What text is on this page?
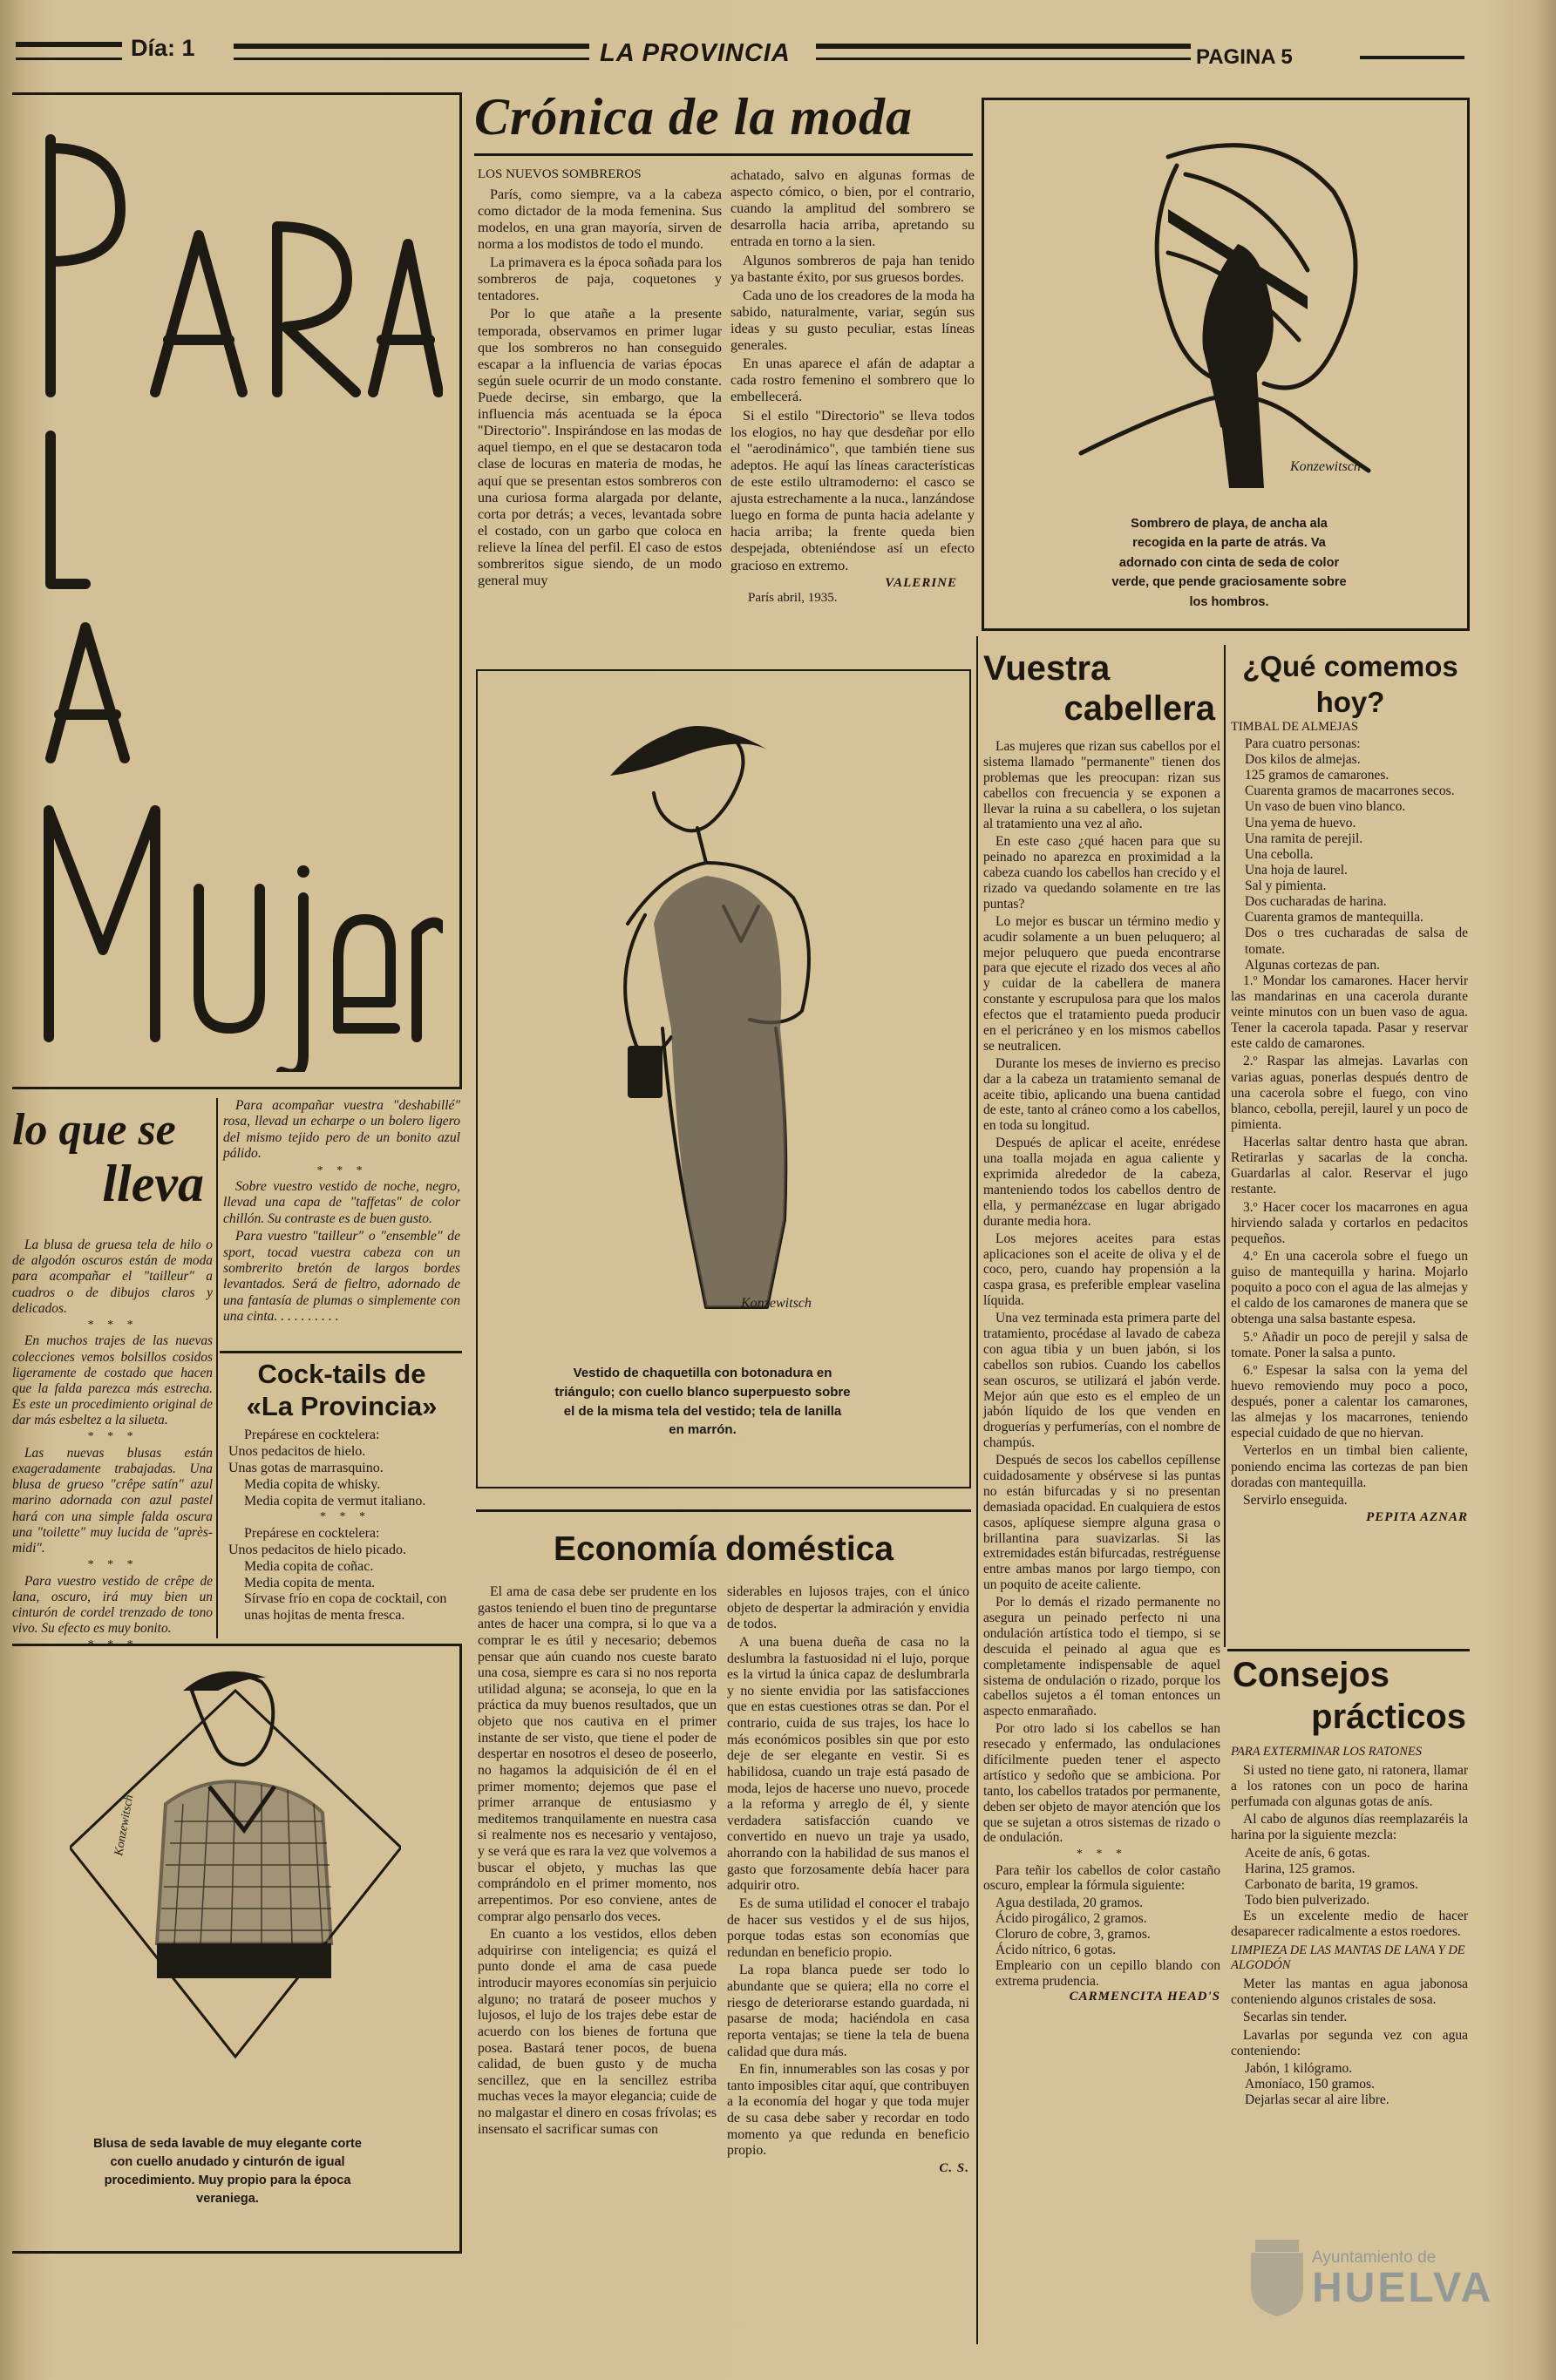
Día: 1	LA PROVINCIA	PAGINA 5
Crónica de la moda
LOS NUEVOS SOMBREROS

París, como siempre, va a la cabeza como dictador de la moda femenina. Sus modelos, en una gran mayoría, sirven de norma a los modistos de todo el mundo.

La primavera es la época soñada para los sombreros de paja, coquetones y tentadores.

Por lo que atañe a la presente temporada, observamos en primer lugar que los sombreros no han conseguido escapar a la influencia de varias épocas según suele ocurrir de un modo constante. Puede decirse, sin embargo, que la influencia más acentuada se la época "Directorio". Inspirándose en las modas de aquel tiempo, en el que se destacaron toda clase de locuras en materia de modas, he aquí que se presentan estos sombreros con una curiosa forma alargada por delante, corta por detrás; a veces, levantada sobre el costado, con un garbo que coloca en relieve la línea del perfil. El caso de estos sombreritos sigue siendo, de un modo general muy

achatado, salvo en algunas formas de aspecto cómico, o bien, por el contrario, cuando la amplitud del sombrero se desarrolla hacia arriba, apretando su entrada en torno a la sien.

Algunos sombreros de paja han tenido ya bastante éxito, por sus gruesos bordes.

Cada uno de los creadores de la moda ha sabido, naturalmente, variar, según sus ideas y su gusto peculiar, estas líneas generales.

En unas aparece el afán de adaptar a cada rostro femenino el sombrero que lo embellecerá.

Si el estilo "Directorio" se lleva todos los elogios, no hay que desdeñar por ello el "aerodinámico", que también tiene sus adeptos. He aquí las líneas características de este estilo ultramoderno: el casco se ajusta estrechamente a la nuca., lanzándose luego en forma de punta hacia adelante y hacia arriba; la frente queda bien despejada, obteniéndose así un efecto gracioso en extremo.

VALERINE
París abril, 1935.
Konzewitsch
Sombrero de playa, de ancha ala recogida en la parte de atrás. Va adornado con cinta de seda de color verde, que pende graciosamente sobre los hombros.
Konzewitsch
Vestido de chaquetilla con botonadura en triángulo; con cuello blanco superpuesto sobre el de la misma tela del vestido; tela de lanilla en marrón.
lo que se
lleva

La blusa de gruesa tela de hilo o de algodón oscuros están de moda para acompañar el "tailleur" a cuadros o de dibujos claros y delicados.

* * *

En muchos trajes de las nuevas colecciones vemos bolsillos cosidos ligeramente de costado que hacen que la falda parezca más estrecha. Es este un procedimiento original de dar más esbeltez a la silueta.

* * *

Las nuevas blusas están exageradamente trabajadas. Una blusa de grueso "crêpe satín" azul marino adornada con azul pastel hará con una simple falda oscura una "toilette" muy lucida de "après-midi".

* * *

Para vuestro vestido de crêpe de lana, oscuro, irá muy bien un cinturón de cordel trenzado de tono vivo. Su efecto es muy bonito.

* * *

Para acompañar vuestra "deshabillé" rosa, llevad un echarpe o un bolero ligero del mismo tejido pero de un bonito azul pálido.

* * *

Sobre vuestro vestido de noche, negro, llevad una capa de "taffetas" de color chillón. Su contraste es de buen gusto.

Para vuestro "tailleur" o "ensemble" de sport, tocad vuestra cabeza con un sombrerito bretón de largos bordes levantados. Será de fieltro, adornado de una fantasía de plumas o simplemente con una cinta. . . . . . . . . .

Cock-tails de
«La Provincia»
Prepárese en cocktelera:
Unos pedacitos de hielo.
Unas gotas de marrasquino.
Media copita de whisky.
Media copita de vermut italiano.
* * *
Prepárese en cocktelera:
Unos pedacitos de hielo picado.
Media copita de coñac.
Media copita de menta.
Sírvase frío en copa de cocktail, con unas hojitas de menta fresca.
Konzewitsch
Blusa de seda lavable de muy elegante corte con cuello anudado y cinturón de igual procedimiento. Muy propio para la época veraniega.
Economía doméstica

El ama de casa debe ser prudente en los gastos teniendo el buen tino de preguntarse antes de hacer una compra, si lo que va a comprar le es útil y necesario; debemos pensar que aún cuando nos cueste barato una cosa, siempre es cara si no nos reporta utilidad alguna; se aconseja, lo que en la práctica da muy buenos resultados, que un objeto que nos cautiva en el primer instante de ser visto, que tiene el poder de despertar en nosotros el deseo de poseerlo, no hagamos la adquisición de él en el primer momento; dejemos que pase el primer arranque de entusiasmo y meditemos tranquilamente en nuestra casa si realmente nos es necesario y ventajoso, y se verá que es rara la vez que volvemos a buscar el objeto, y muchas las que comprándolo en el primer momento, nos arrepentimos. Por eso conviene, antes de comprar algo pensarlo dos veces.

En cuanto a los vestidos, ellos deben adquirirse con inteligencia; es quizá el punto donde el ama de casa puede introducir mayores economías sin perjuicio alguno; no tratará de poseer muchos y lujosos, el lujo de los trajes debe estar de acuerdo con los bienes de fortuna que posea. Bastará tener pocos, de buena calidad, de buen gusto y de mucha sencillez, que en la sencillez estriba muchas veces la mayor elegancia; cuide de no malgastar el dinero en cosas frívolas; es insensato el sacrificar sumas con

siderables en lujosos trajes, con el único objeto de despertar la admiración y envidia de todos.

A una buena dueña de casa no la deslumbra la fastuosidad ni el lujo, porque es la virtud la única capaz de deslumbrarla y no siente envidia por las satisfacciones que en estas cuestiones otras se dan. Por el contrario, cuida de sus trajes, los hace lo más económicos posibles sin que por esto deje de ser elegante en vestir. Si es habilidosa, cuando un traje está pasado de moda, lejos de hacerse uno nuevo, procede a la reforma y arreglo de él, y siente verdadera satisfacción cuando ve convertido en nuevo un traje ya usado, ahorrando con la habilidad de sus manos el gasto que forzosamente debía hacer para adquirir otro.

Es de suma utilidad el conocer el trabajo de hacer sus vestidos y el de sus hijos, porque todas estas son economías que redundan en beneficio propio.

La ropa blanca puede ser todo lo abundante que se quiera; ella no corre el riesgo de deteriorarse estando guardada, ni pasarse de moda; haciéndola en casa reporta ventajas; se tiene la tela de buena calidad que dura más.

En fin, innumerables son las cosas y por tanto imposibles citar aquí, que contribuyen a la economía del hogar y que toda mujer de su casa debe saber y recordar en todo momento ya que redunda en beneficio propio.

C. S.
Vuestra
cabellera

Las mujeres que rizan sus cabellos por el sistema llamado "permanente" tienen dos problemas que les preocupan: rizan sus cabellos con frecuencia y se exponen a llevar la ruina a su cabellera, o los sujetan al tratamiento una vez al año.

En este caso ¿qué hacen para que su peinado no aparezca en proximidad a la cabeza cuando los cabellos han crecido y el rizado va quedando solamente en tre las puntas?

Lo mejor es buscar un término medio y acudir solamente a un buen peluquero; al mejor peluquero que pueda encontrarse para que ejecute el rizado dos veces al año y cuidar de la cabellera de manera constante y escrupulosa para que los malos efectos que el tratamiento pueda producir en el pericráneo y en los mismos cabellos se neutralicen.

Durante los meses de invierno es preciso dar a la cabeza un tratamiento semanal de aceite tibio, aplicando una buena cantidad de este, tanto al cráneo como a los cabellos, en toda su longitud.

Después de aplicar el aceite, enrédese una toalla mojada en agua caliente y exprimida alrededor de la cabeza, manteniendo todos los cabellos dentro de ella, y permanézcase en lugar abrigado durante media hora.

Los mejores aceites para estas aplicaciones son el aceite de oliva y el de coco, pero, cuando hay propensión a la caspa grasa, es preferible emplear vaselina líquida.

Una vez terminada esta primera parte del tratamiento, procédase al lavado de cabeza con agua tibia y un buen jabón, si los cabellos son rubios. Cuando los cabellos sean oscuros, se utilizará el jabón verde. Mejor aún que esto es el empleo de un jabón líquido de los que venden en droguerías y perfumerías, con el nombre de champús.

Después de secos los cabellos cepíllense cuidadosamente y obsérvese si las puntas no están bifurcadas y si no presentan demasiada opacidad. En cualquiera de estos casos, aplíquese siempre alguna grasa o brillantina para suavizarlas. Si las extremidades están bifurcadas, restréguense entre ambas manos por largo tiempo, con un poquito de aceite caliente.

Por lo demás el rizado permanente no asegura un peinado perfecto ni una ondulación artística todo el tiempo, si se descuida el peinado al agua que es completamente indispensable de aquel sistema de ondulación o rizado, porque los cabellos sujetos a él toman entonces un aspecto enmarañado.

Por otro lado si los cabellos se han resecado y enfermado, las ondulaciones difícilmente pueden tener el aspecto artístico y sedoño que se ambiciona. Por tanto, los cabellos tratados por permanente, deben ser objeto de mayor atención que los que se sujetan a otros sistemas de rizado o de ondulación.

* * *

Para teñir los cabellos de color castaño oscuro, emplear la fórmula siguiente:

Agua destilada, 20 gramos.
Ácido pirogálico, 2 gramos.
Cloruro de cobre, 3, gramos.
Ácido nítrico, 6 gotas.
Empleario con un cepillo blando con extrema prudencia.
CARMENCITA HEAD'S
¿Qué comemos
hoy?
TIMBAL DE ALMEJAS
Para cuatro personas:
Dos kilos de almejas.
125 gramos de camarones.
Cuarenta gramos de macarrones secos.
Un vaso de buen vino blanco.
Una yema de huevo.
Una ramita de perejil.
Una cebolla.
Una hoja de laurel.
Sal y pimienta.
Dos cucharadas de harina.
Cuarenta gramos de mantequilla.
Dos o tres cucharadas de salsa de tomate.
Algunas cortezas de pan.

1.º Mondar los camarones. Hacer hervir las mandarinas en una cacerola durante veinte minutos con un buen vaso de agua. Tener la cacerola tapada. Pasar y reservar este caldo de camarones.

2.º Raspar las almejas. Lavarlas con varias aguas, ponerlas después dentro de una cacerola sobre el fuego, con vino blanco, cebolla, perejil, laurel y un poco de pimienta.

Hacerlas saltar dentro hasta que abran. Retirarlas y sacarlas de la concha. Guardarlas al calor. Reservar el jugo restante.

3.º Hacer cocer los macarrones en agua hirviendo salada y cortarlos en pedacitos pequeños.

4.º En una cacerola sobre el fuego un guiso de mantequilla y harina. Mojarlo poquito a poco con el agua de las almejas y el caldo de los camarones de manera que se obtenga una salsa bastante espesa.

5.º Añadir un poco de perejil y salsa de tomate. Poner la salsa a punto.

6.º Espesar la salsa con la yema del huevo removiendo muy poco a poco, después, poner a calentar los camarones, las almejas y los macarrones, teniendo especial cuidado de que no hiervan.

Verterlos en un timbal bien caliente, poniendo encima las cortezas de pan bien doradas con mantequilla.

Servirlo enseguida.

PEPITA AZNAR
Consejos
prácticos
PARA EXTERMINAR LOS RATONES

Si usted no tiene gato, ni ratonera, llamar a los ratones con un poco de harina perfumada con algunas gotas de anís.

Al cabo de algunos días reemplazaréis la harina por la siguiente mezcla:

Aceite de anís, 6 gotas.
Harina, 125 gramos.
Carbonato de barita, 19 gramos.
Todo bien pulverizado.

Es un excelente medio de hacer desaparecer radicalmente a estos roedores.

LIMPIEZA DE LAS MANTAS DE LANA Y DE ALGODÓN

Meter las mantas en agua jabonosa conteniendo algunos cristales de sosa.

Secarlas sin tender.

Lavarlas por segunda vez con agua conteniendo:

Jabón, 1 kilógramo.
Amoníaco, 150 gramos.
Dejarlas secar al aire libre.
Ayuntamiento de
HUELVA
